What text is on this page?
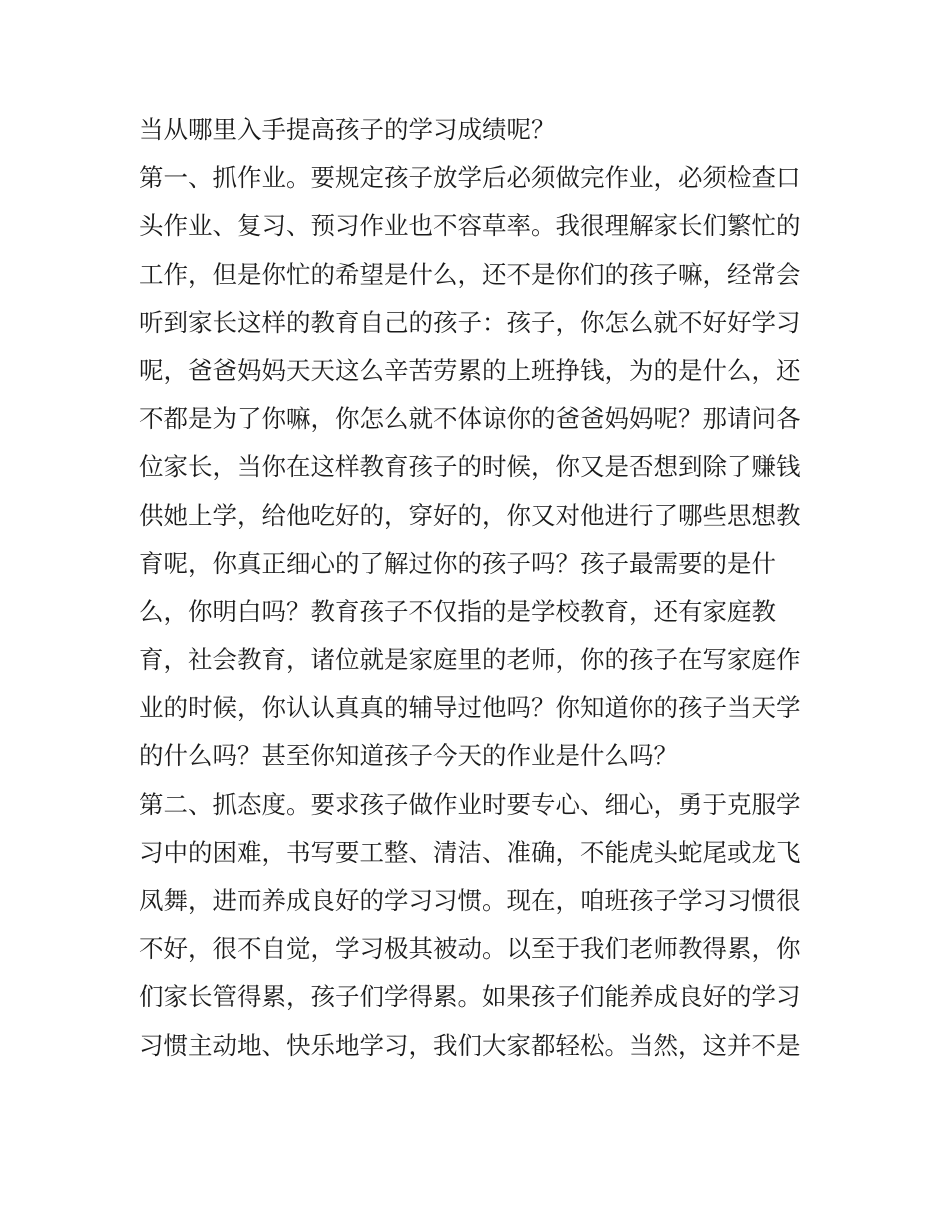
当从哪里入手提高孩子的学习成绩呢？
第一、抓作业。要规定孩子放学后必须做完作业，必须检查口
头作业、复习、预习作业也不容草率。我很理解家长们繁忙的
工作，但是你忙的希望是什么，还不是你们的孩子嘛，经常会
听到家长这样的教育自己的孩子：孩子，你怎么就不好好学习
呢，爸爸妈妈天天这么辛苦劳累的上班挣钱，为的是什么，还
不都是为了你嘛，你怎么就不体谅你的爸爸妈妈呢？那请问各
位家长，当你在这样教育孩子的时候，你又是否想到除了赚钱
供她上学，给他吃好的，穿好的，你又对他进行了哪些思想教
育呢，你真正细心的了解过你的孩子吗？孩子最需要的是什
么，你明白吗？教育孩子不仅指的是学校教育，还有家庭教
育，社会教育，诸位就是家庭里的老师，你的孩子在写家庭作
业的时候，你认认真真的辅导过他吗？你知道你的孩子当天学
的什么吗？甚至你知道孩子今天的作业是什么吗？
第二、抓态度。要求孩子做作业时要专心、细心，勇于克服学
习中的困难，书写要工整、清洁、准确，不能虎头蛇尾或龙飞
凤舞，进而养成良好的学习习惯。现在，咱班孩子学习习惯很
不好，很不自觉，学习极其被动。以至于我们老师教得累，你
们家长管得累，孩子们学得累。如果孩子们能养成良好的学习
习惯主动地、快乐地学习，我们大家都轻松。当然，这并不是
